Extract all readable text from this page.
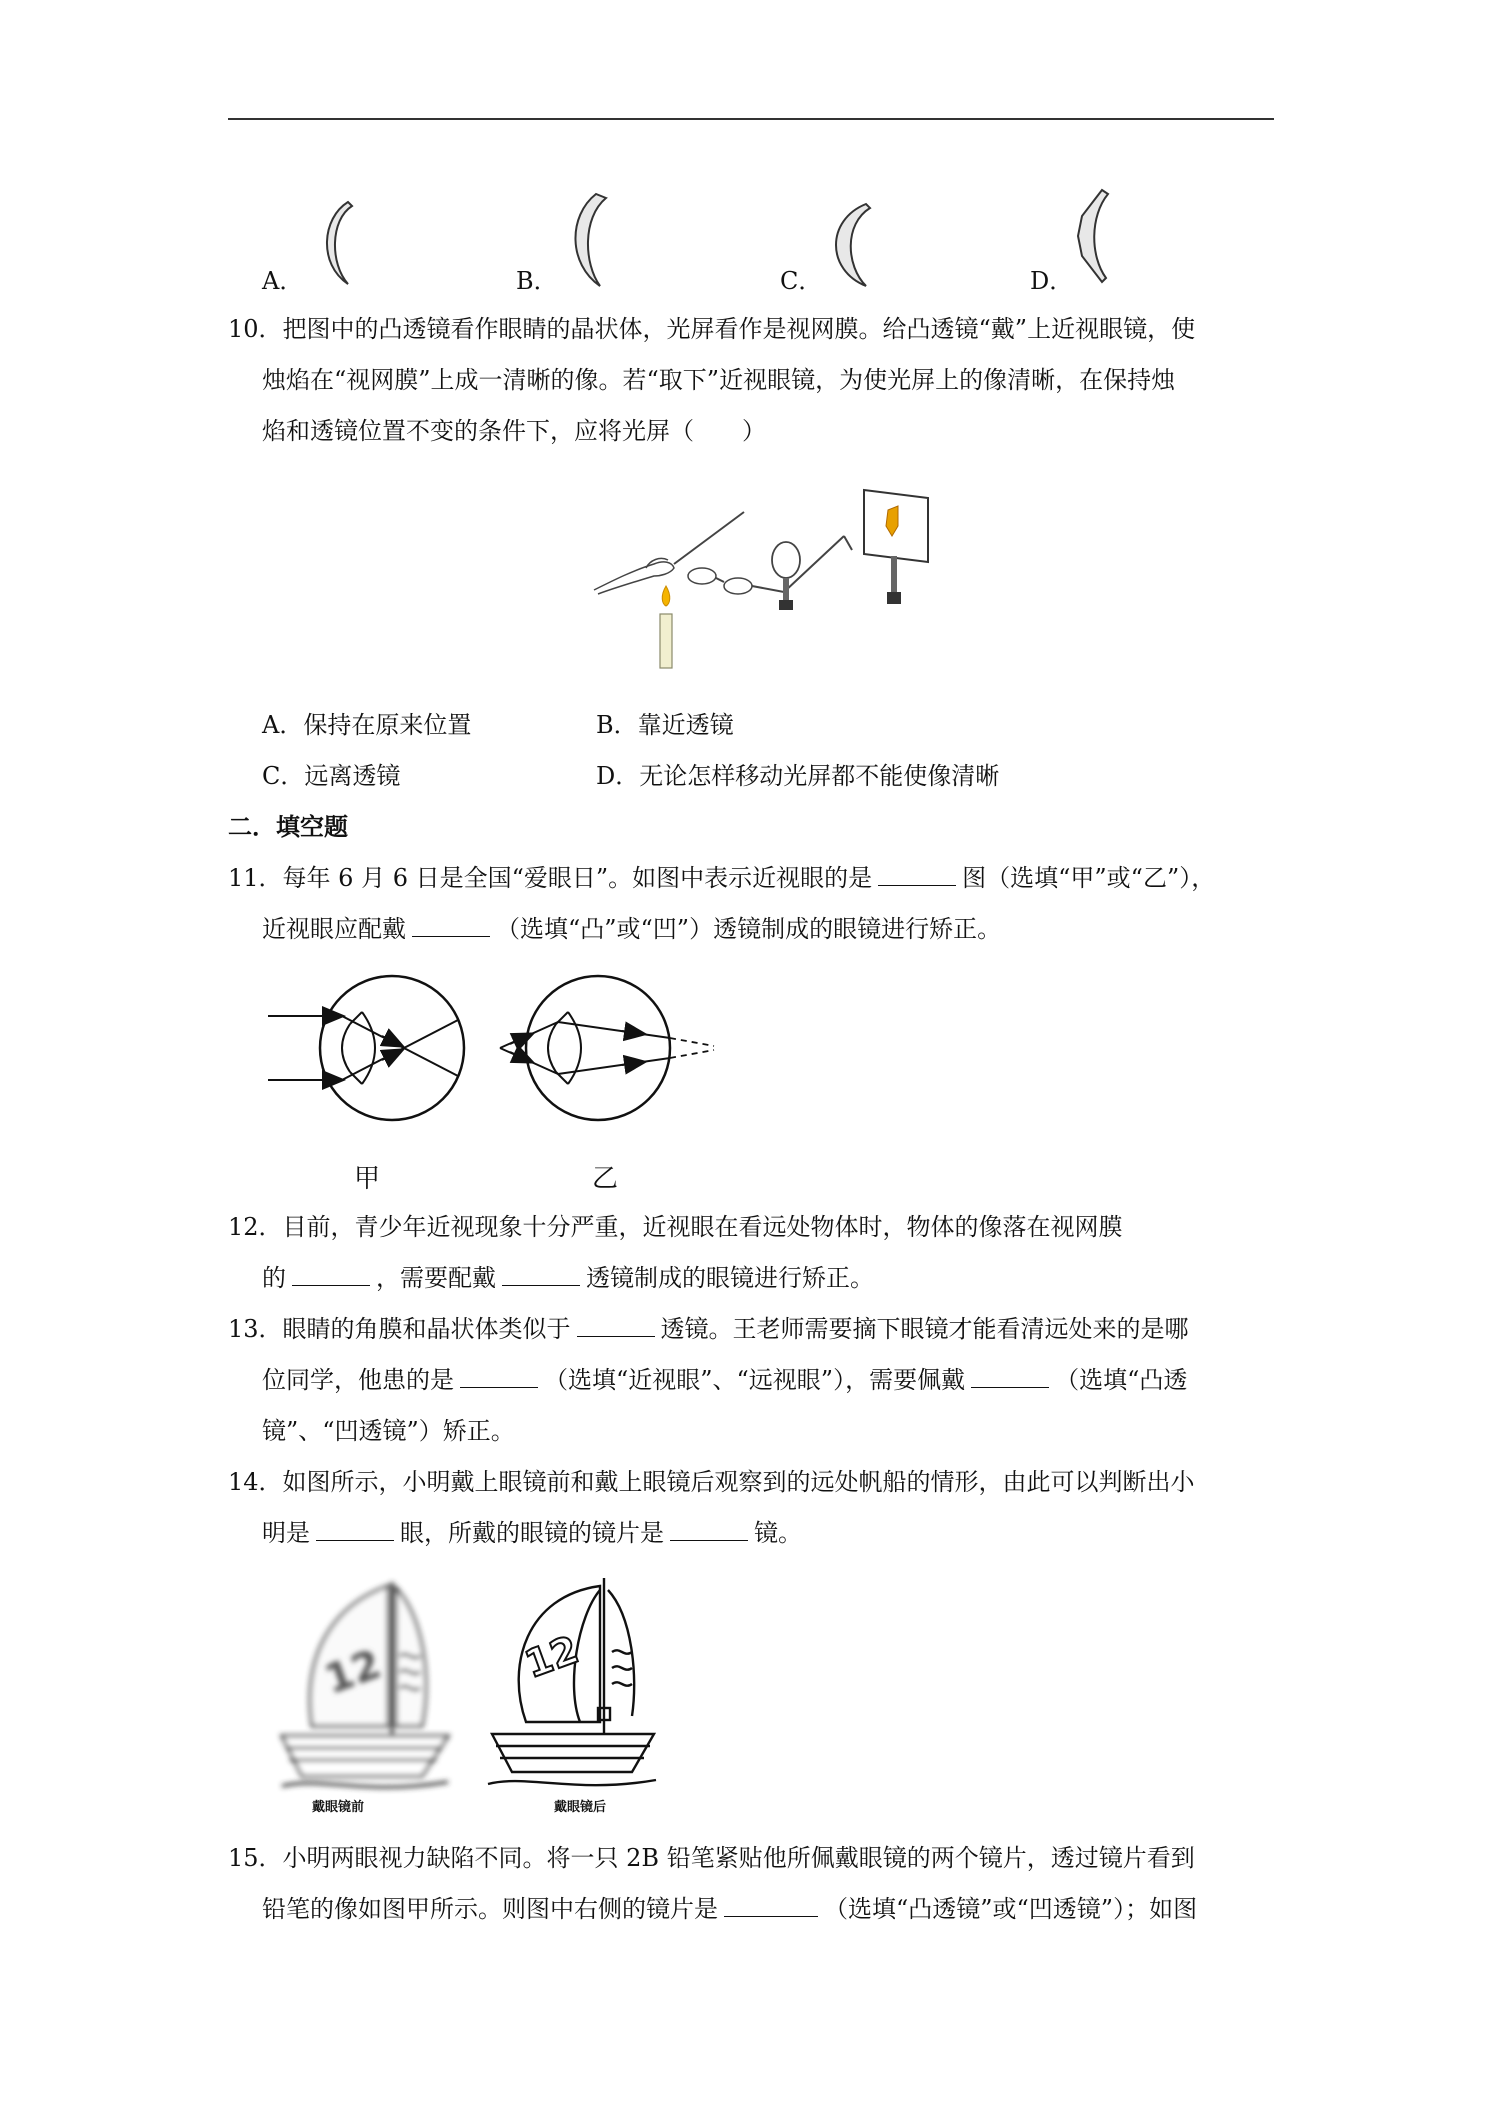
A．	B．	C．	D．
10．把图中的凸透镜看作眼睛的晶状体，光屏看作是视网膜。给凸透镜“戴”上近视眼镜，使
烛焰在“视网膜”上成一清晰的像。若“取下”近视眼镜，为使光屏上的像清晰，在保持烛
焰和透镜位置不变的条件下，应将光屏（　　）
A．保持在原来位置	B．靠近透镜
C．远离透镜	D．无论怎样移动光屏都不能使像清晰
二．填空题
11．每年 6 月 6 日是全国“爱眼日”。如图中表示近视眼的是	图（选填“甲”或“乙”），
近视眼应配戴	（选填“凸”或“凹”）透镜制成的眼镜进行矫正。
甲	乙
12．目前，青少年近视现象十分严重，近视眼在看远处物体时，物体的像落在视网膜
的	，需要配戴	透镜制成的眼镜进行矫正。
13．眼睛的角膜和晶状体类似于	透镜。王老师需要摘下眼镜才能看清远处来的是哪
位同学，他患的是	（选填“近视眼”、“远视眼”），需要佩戴	（选填“凸透
镜”、“凹透镜”）矫正。
14．如图所示，小明戴上眼镜前和戴上眼镜后观察到的远处帆船的情形，由此可以判断出小
明是	眼，所戴的眼镜的镜片是	镜。
12	12
戴眼镜前	戴眼镜后
15．小明两眼视力缺陷不同。将一只 2B 铅笔紧贴他所佩戴眼镜的两个镜片，透过镜片看到
铅笔的像如图甲所示。则图中右侧的镜片是	（选填“凸透镜”或“凹透镜”）；如图
